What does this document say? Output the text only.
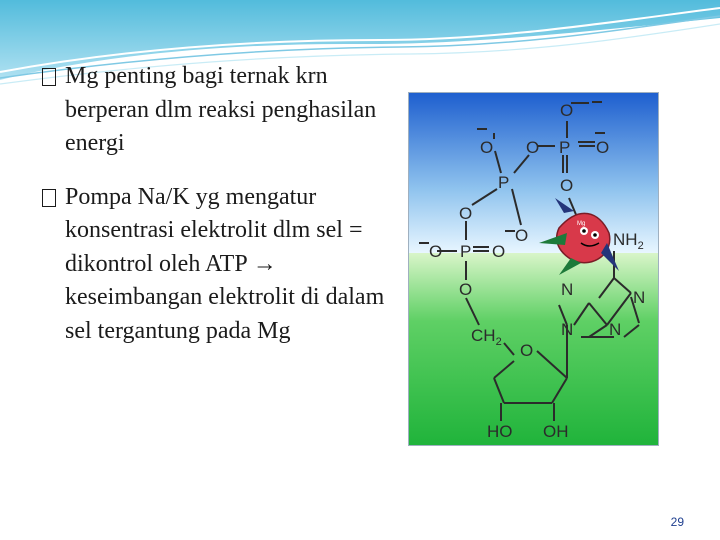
Mg penting bagi ternak krn berperan dlm reaksi penghasilan energi
Pompa Na/K yg mengatur konsentrasi elektrolit dlm sel = dikontrol oleh ATP → keseimbangan elektrolit di dalam sel tergantung pada Mg
O
O O P O
P	O
O
O
O P O
O
$CH_2$ O
$NH_2$
N	N
N N
HO OH
Mg
29
